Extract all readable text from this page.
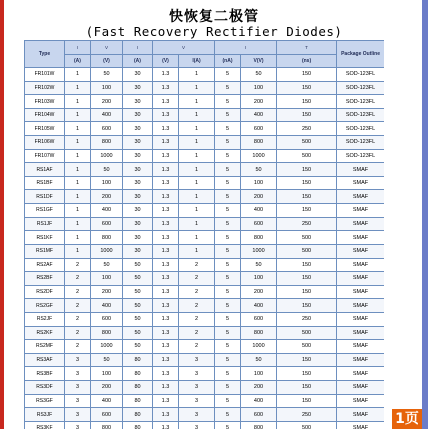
快恢复二极管
(Fast Recovery Rectifier Diodes)
Type	I	V	I	V		I		T	Package Outline
	(A)	(V)	(A)	(V)	I(A)	(nA)	V(V)	(ns)	
FR101W	1	50	30	1.3	1	5	50	150	SOD-123FL
FR102W	1	100	30	1.3	1	5	100	150	SOD-123FL
FR103W	1	200	30	1.3	1	5	200	150	SOD-123FL
FR104W	1	400	30	1.3	1	5	400	150	SOD-123FL
FR105W	1	600	30	1.3	1	5	600	250	SOD-123FL
FR106W	1	800	30	1.3	1	5	800	500	SOD-123FL
FR107W	1	1000	30	1.3	1	5	1000	500	SOD-123FL
RS1AF	1	50	30	1.3	1	5	50	150	SMAF
RS1BF	1	100	30	1.3	1	5	100	150	SMAF
RS1DF	1	200	30	1.3	1	5	200	150	SMAF
RS1GF	1	400	30	1.3	1	5	400	150	SMAF
RS1JF	1	600	30	1.3	1	5	600	250	SMAF
RS1KF	1	800	30	1.3	1	5	800	500	SMAF
RS1MF	1	1000	30	1.3	1	5	1000	500	SMAF
RS2AF	2	50	50	1.3	2	5	50	150	SMAF
RS2BF	2	100	50	1.3	2	5	100	150	SMAF
RS2DF	2	200	50	1.3	2	5	200	150	SMAF
RS2GF	2	400	50	1.3	2	5	400	150	SMAF
RS2JF	2	600	50	1.3	2	5	600	250	SMAF
RS2KF	2	800	50	1.3	2	5	800	500	SMAF
RS2MF	2	1000	50	1.3	2	5	1000	500	SMAF
RS3AF	3	50	80	1.3	3	5	50	150	SMAF
RS3BF	3	100	80	1.3	3	5	100	150	SMAF
RS3DF	3	200	80	1.3	3	5	200	150	SMAF
RS3GF	3	400	80	1.3	3	5	400	150	SMAF
RS3JF	3	600	80	1.3	3	5	600	250	SMAF
RS3KF	3	800	80	1.3	3	5	800	500	SMAF
1页
